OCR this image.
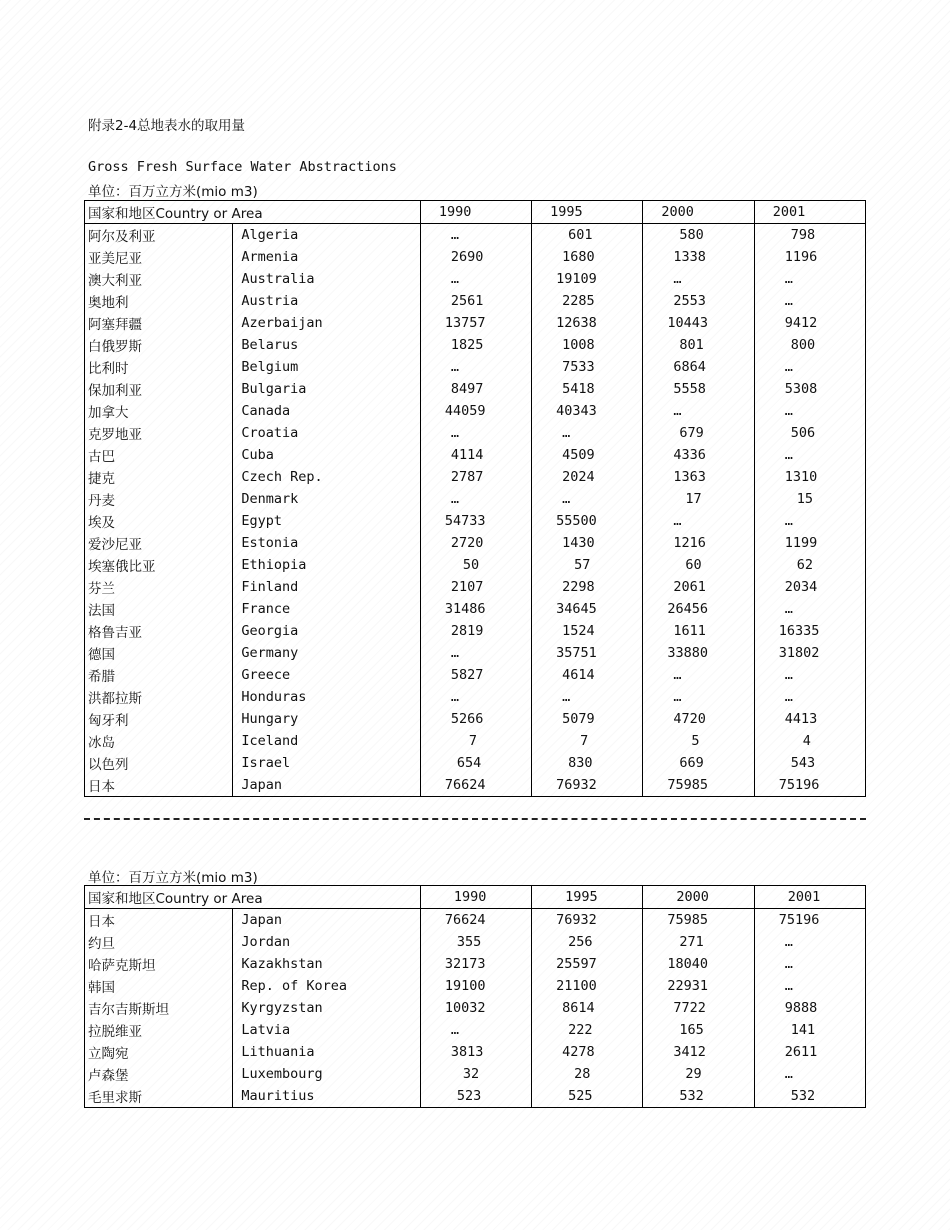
附录2-4总地表水的取用量
Gross Fresh Surface Water Abstractions
单位：百万立方米(mio m3)
国家和地区Country or Area		1990	1995	2000	2001
阿尔及利亚	Algeria	…	601	580	798
亚美尼亚	Armenia	2690	1680	1338	1196
澳大利亚	Australia	…	19109	…	…
奥地利	Austria	2561	2285	2553	…
阿塞拜疆	Azerbaijan	13757	12638	10443	9412
白俄罗斯	Belarus	1825	1008	801	800
比利时	Belgium	…	7533	6864	…
保加利亚	Bulgaria	8497	5418	5558	5308
加拿大	Canada	44059	40343	…	…
克罗地亚	Croatia	…	…	679	506
古巴	Cuba	4114	4509	4336	…
捷克	Czech Rep.	2787	2024	1363	1310
丹麦	Denmark	…	…	17	15
埃及	Egypt	54733	55500	…	…
爱沙尼亚	Estonia	2720	1430	1216	1199
埃塞俄比亚	Ethiopia	50	57	60	62
芬兰	Finland	2107	2298	2061	2034
法国	France	31486	34645	26456	…
格鲁吉亚	Georgia	2819	1524	1611	16335
德国	Germany	…	35751	33880	31802
希腊	Greece	5827	4614	…	…
洪都拉斯	Honduras	…	…	…	…
匈牙利	Hungary	5266	5079	4720	4413
冰岛	Iceland	7	7	5	4
以色列	Israel	654	830	669	543
日本	Japan	76624	76932	75985	75196
单位：百万立方米(mio m3)
国家和地区Country or Area		1990	1995	2000	2001
日本	Japan	76624	76932	75985	75196
约旦	Jordan	355	256	271	…
哈萨克斯坦	Kazakhstan	32173	25597	18040	…
韩国	Rep. of Korea	19100	21100	22931	…
吉尔吉斯斯坦	Kyrgyzstan	10032	8614	7722	9888
拉脱维亚	Latvia	…	222	165	141
立陶宛	Lithuania	3813	4278	3412	2611
卢森堡	Luxembourg	32	28	29	…
毛里求斯	Mauritius	523	525	532	532
